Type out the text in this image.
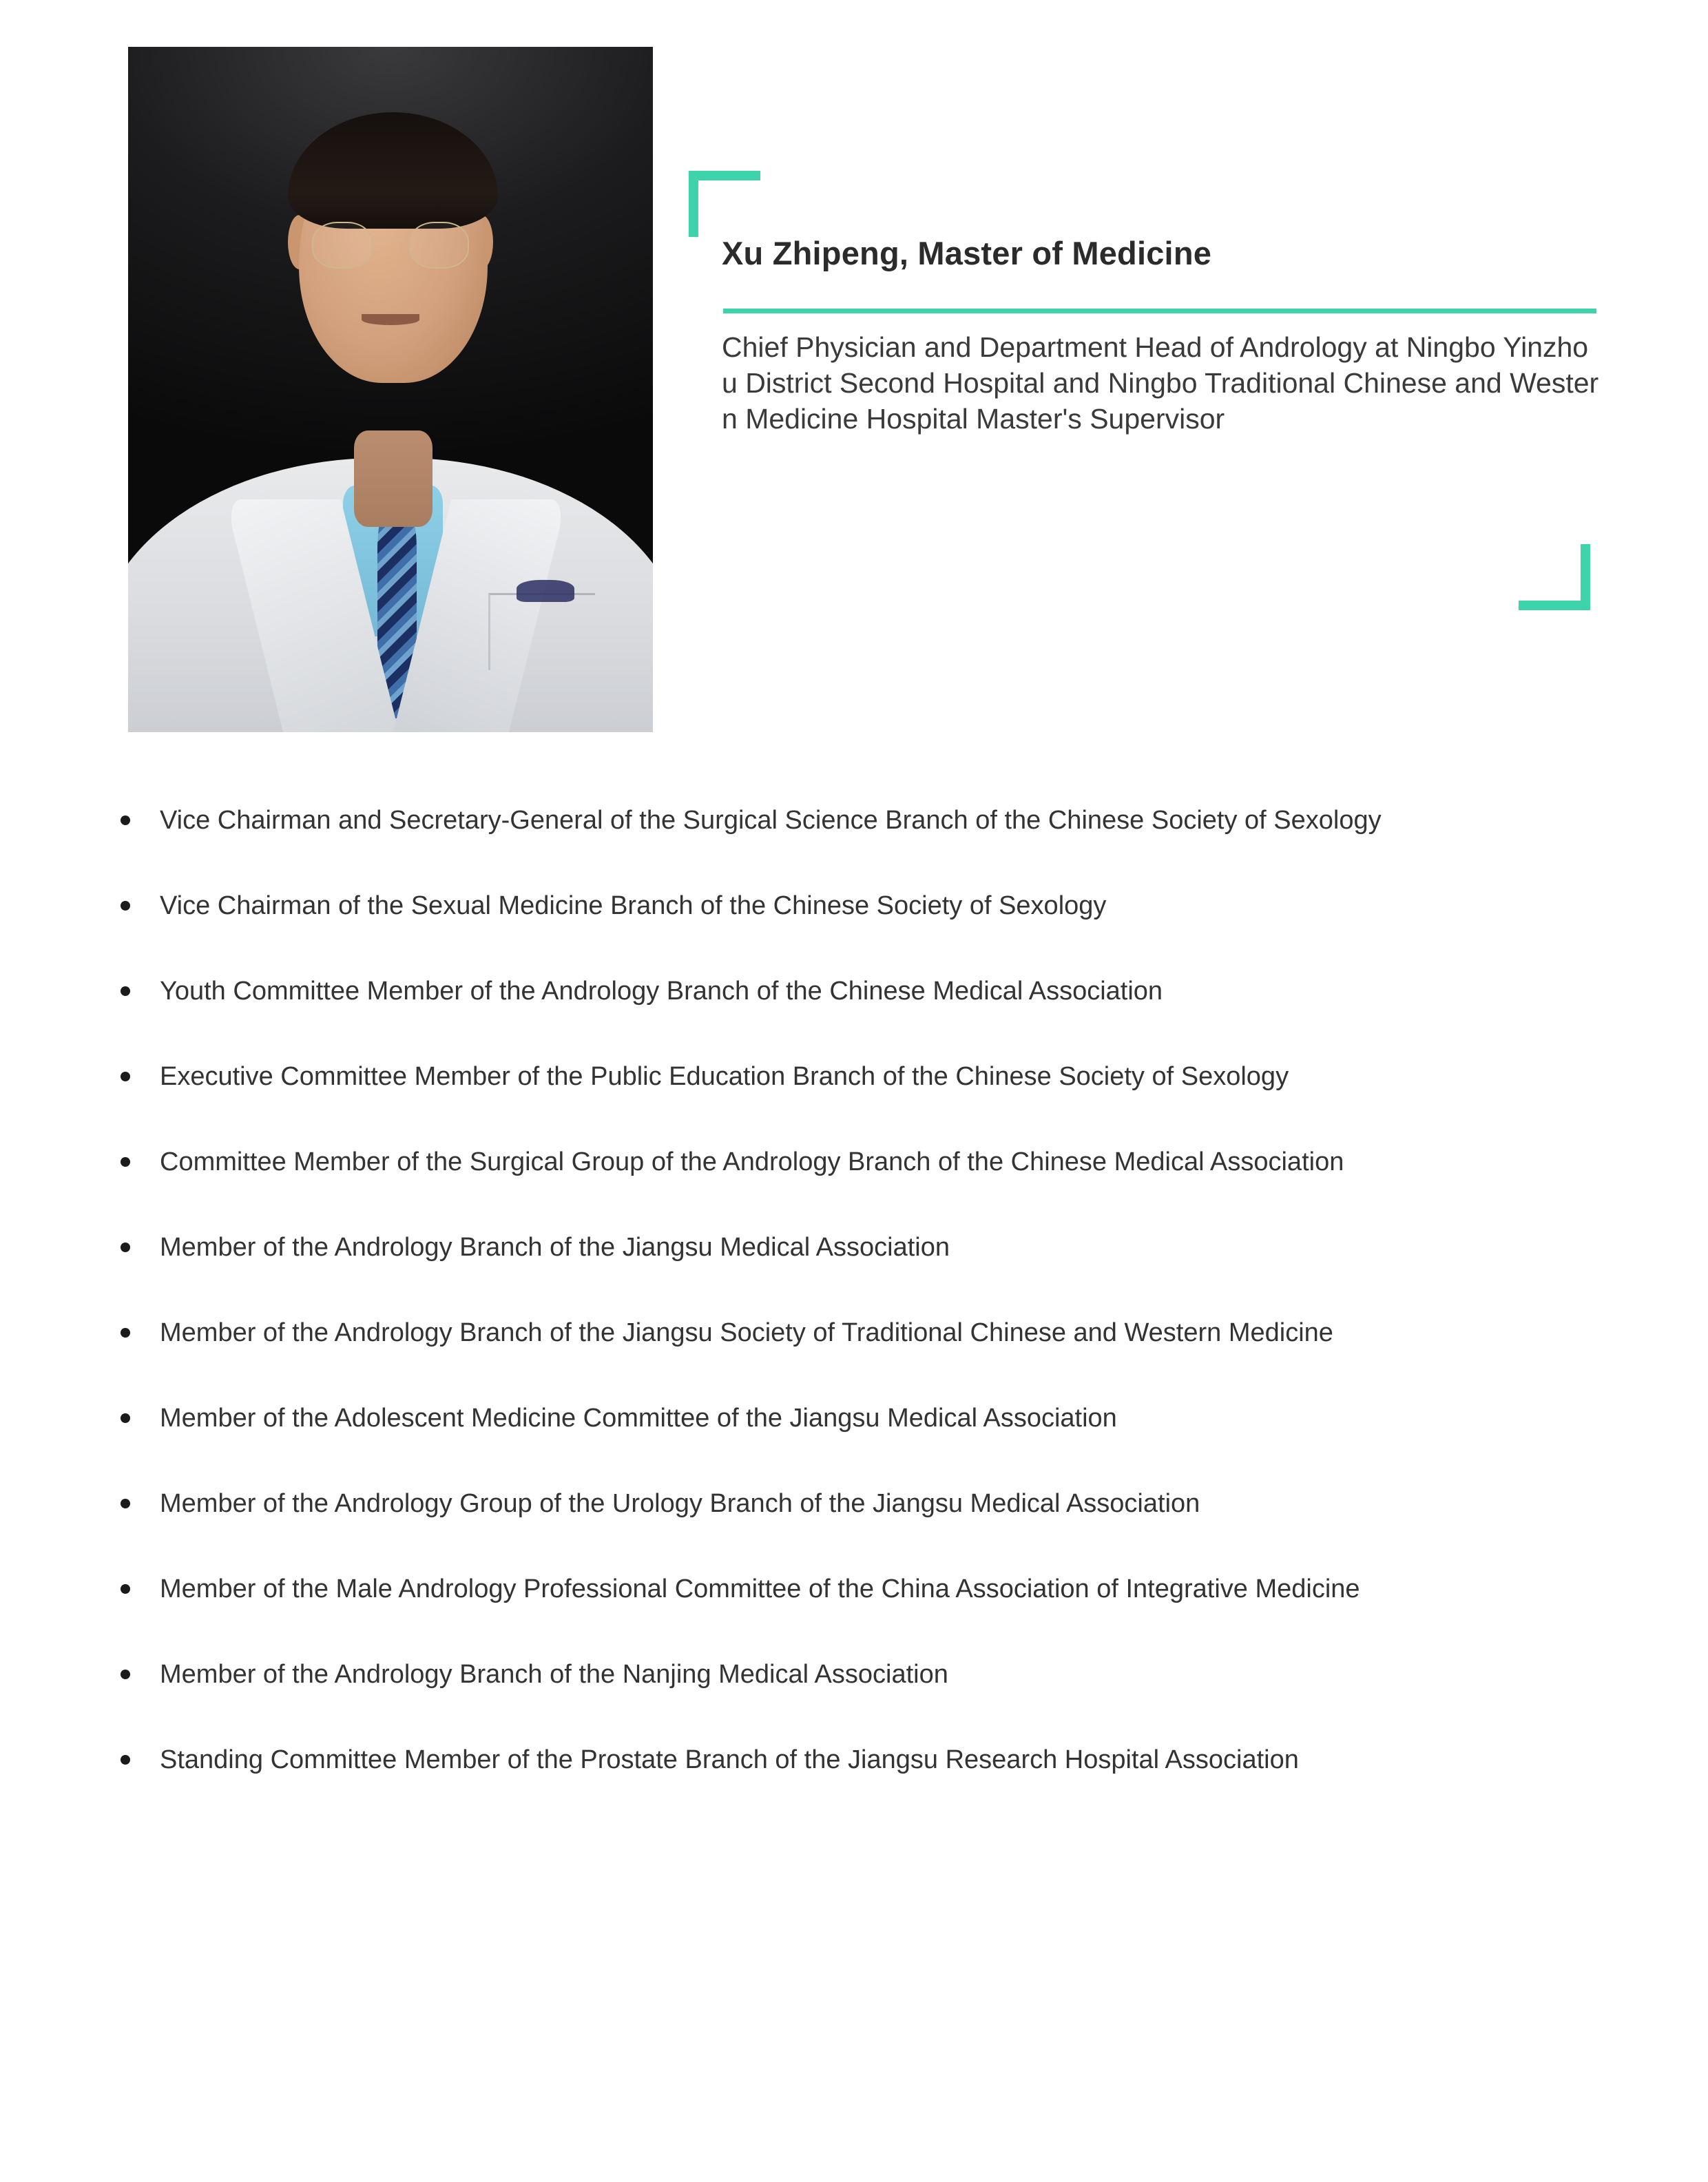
Xu Zhipeng, Master of Medicine
Chief Physician and Department Head of Andrology at Ningbo Yinzhou District Second Hospital and Ningbo Traditional Chinese and Western Medicine Hospital Master's Supervisor
Vice Chairman and Secretary-General of the Surgical Science Branch of the Chinese Society of Sexology
Vice Chairman of the Sexual Medicine Branch of the Chinese Society of Sexology
Youth Committee Member of the Andrology Branch of the Chinese Medical Association
Executive Committee Member of the Public Education Branch of the Chinese Society of Sexology
Committee Member of the Surgical Group of the Andrology Branch of the Chinese Medical Association
Member of the Andrology Branch of the Jiangsu Medical Association
Member of the Andrology Branch of the Jiangsu Society of Traditional Chinese and Western Medicine
Member of the Adolescent Medicine Committee of the Jiangsu Medical Association
Member of the Andrology Group of the Urology Branch of the Jiangsu Medical Association
Member of the Male Andrology Professional Committee of the China Association of Integrative Medicine
Member of the Andrology Branch of the Nanjing Medical Association
Standing Committee Member of the Prostate Branch of the Jiangsu Research Hospital Association
